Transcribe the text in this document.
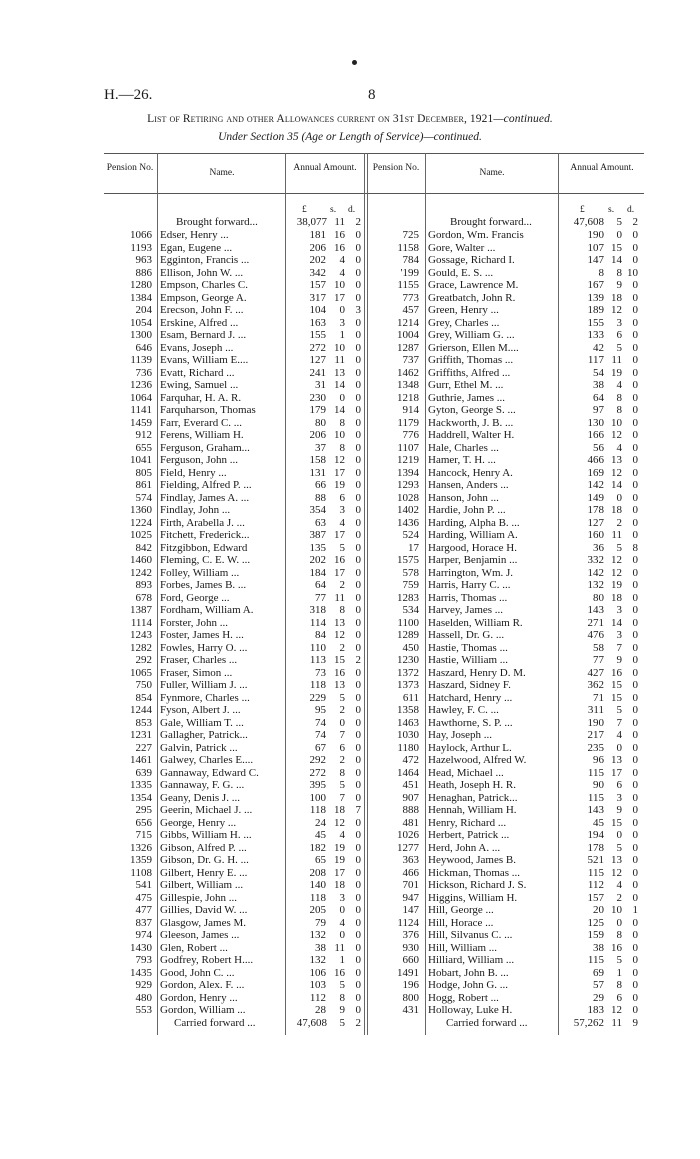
H.—26.	8
List of Retiring and other Allowances current on 31st December, 1921—continued.
Under Section 35 (Age or Length of Service)—continued.
Pension No.	Name.	Annual Amount.	Pension No.	Name.	Annual Amount.
£ s. d.	£ s. d.
Brought forward...	38,077 11 2	Brought forward...	47,608	5 2
1066 Edser, Henry ...	181 16 0
1193 Egan, Eugene ...	206 16 0
963 Egginton, Francis ...	202	4 0
886 Ellison, John W. ...	342	4 0
1280 Empson, Charles C.	157 10 0
1384 Empson, George A.	317 17 0
204 Erecson, John F. ...	104	0 3
1054 Erskine, Alfred ...	163	3 0
1300 Esam, Bernard J. ...	155	1 0
646 Evans, Joseph ...	272 10 0
1139 Evans, William E....	127 11 0
736 Evatt, Richard ...	241 13 0
1236 Ewing, Samuel ...	31 14 0
1064 Farquhar, H. A. R.	230	0 0
1141 Farquharson, Thomas	179 14 0
1459 Farr, Everard C. ...	80	8 0
912 Ferens, William H.	206 10 0
655 Ferguson, Graham...	37	8 0
1041 Ferguson, John ...	158 12 0
805 Field, Henry ...	131 17 0
861 Fielding, Alfred P. ...	66 19 0
574 Findlay, James A. ...	88	6 0
1360 Findlay, John ...	354	3 0
1224 Firth, Arabella J. ...	63	4 0
1025 Fitchett, Frederick...	387 17 0
842 Fitzgibbon, Edward	135	5 0
1460 Fleming, C. E. W. ...	202 16 0
1242 Folley, William ...	184 17 0
893 Forbes, James B. ...	64	2 0
678 Ford, George ...	77 11 0
1387 Fordham, William A.	318	8 0
1114 Forster, John ...	114 13 0
1243 Foster, James H. ...	84 12 0
1282 Fowles, Harry O. ...	110	2 0
292 Fraser, Charles ...	113 15 2
1065 Fraser, Simon ...	73 16 0
750 Fuller, William J. ...	118 13 0
854 Fynmore, Charles ...	229	5 0
1244 Fyson, Albert J. ...	95	2 0
853 Gale, William T. ...	74	0 0
1231 Gallagher, Patrick...	74	7 0
227 Galvin, Patrick ...	67	6 0
1461 Galwey, Charles E....	292	2 0
639 Gannaway, Edward C.	272	8 0
1335 Gannaway, F. G. ...	395	5 0
1354 Geany, Denis J. ...	100	7 0
295 Geerin, Michael J. ...	118 18 7
656 George, Henry ...	24 12 0
715 Gibbs, William H. ...	45	4 0
1326 Gibson, Alfred P. ...	182 19 0
1359 Gibson, Dr. G. H. ...	65 19 0
1108 Gilbert, Henry E. ...	208 17 0
541 Gilbert, William ...	140 18 0
475 Gillespie, John ...	118	3 0
477 Gillies, David W. ...	205	0 0
837 Glasgow, James M.	79	4 0
974 Gleeson, James ...	132	0 0
1430 Glen, Robert ...	38 11 0
793 Godfrey, Robert H....	132	1 0
1435 Good, John C. ...	106 16 0
929 Gordon, Alex. F. ...	103	5 0
480 Gordon, Henry ...	112	8 0
553 Gordon, William ...	28	9 0
725 Gordon, Wm. Francis	190	0 0
1158 Gore, Walter ...	107 15 0
784 Gossage, Richard I.	147 14 0
'199 Gould, E. S. ...	8	8 10
1155 Grace, Lawrence M.	167	9 0
773 Greatbatch, John R.	139 18 0
457 Green, Henry ...	189 12 0
1214 Grey, Charles ...	155	3 0
1004 Grey, William G. ...	133	6 0
1287 Grierson, Ellen M....	42	5 0
737 Griffith, Thomas ...	117 11 0
1462 Griffiths, Alfred ...	54 19 0
1348 Gurr, Ethel M. ...	38	4 0
1218 Guthrie, James ...	64	8 0
914 Gyton, George S. ...	97	8 0
1179 Hackworth, J. B. ...	130 10 0
776 Haddrell, Walter H.	166 12 0
1107 Hale, Charles ...	56	4 0
1219 Hamer, T. H. ...	466 13 0
1394 Hancock, Henry A.	169 12 0
1293 Hansen, Anders ...	142 14 0
1028 Hanson, John ...	149	0 0
1402 Hardie, John P. ...	178 18 0
1436 Harding, Alpha B. ...	127	2 0
524 Harding, William A.	160 11 0
17 Hargood, Horace H.	36	5 8
1575 Harper, Benjamin ...	332 12 0
578 Harrington, Wm. J.	142 12 0
759 Harris, Harry C. ...	132 19 0
1283 Harris, Thomas ...	80 18 0
534 Harvey, James ...	143	3 0
1100 Haselden, William R.	271 14 0
1289 Hassell, Dr. G. ...	476	3 0
450 Hastie, Thomas ...	58	7 0
1230 Hastie, William ...	77	9 0
1372 Haszard, Henry D. M.	427 16 0
1373 Haszard, Sidney F.	362 15 0
611 Hatchard, Henry ...	71 15 0
1358 Hawley, F. C. ...	311	5 0
1463 Hawthorne, S. P. ...	190	7 0
1030 Hay, Joseph ...	217	4 0
1180 Haylock, Arthur L.	235	0 0
472 Hazelwood, Alfred W.	96 13 0
1464 Head, Michael ...	115 17 0
451 Heath, Joseph H. R.	90	6 0
907 Henaghan, Patrick...	115	3 0
888 Hennah, William H.	143	9 0
481 Henry, Richard ...	45 15 0
1026 Herbert, Patrick ...	194	0 0
1277 Herd, John A. ...	178	5 0
363 Heywood, James B.	521 13 0
466 Hickman, Thomas ...	115 12 0
701 Hickson, Richard J. S.	112	4 0
947 Higgins, William H.	157	2 0
147 Hill, George ...	20 10 1
1124 Hill, Horace ...	125	0 0
376 Hill, Silvanus C. ...	159	8 0
930 Hill, William ...	38 16 0
660 Hilliard, William ...	115	5 0
1491 Hobart, John B. ...	69	1 0
196 Hodge, John G. ...	57	8 0
800 Hogg, Robert ...	29	6 0
431 Holloway, Luke H.	183 12 0
Carried forward ...	47,608	5 2	Carried forward ...	57,262 11 9
